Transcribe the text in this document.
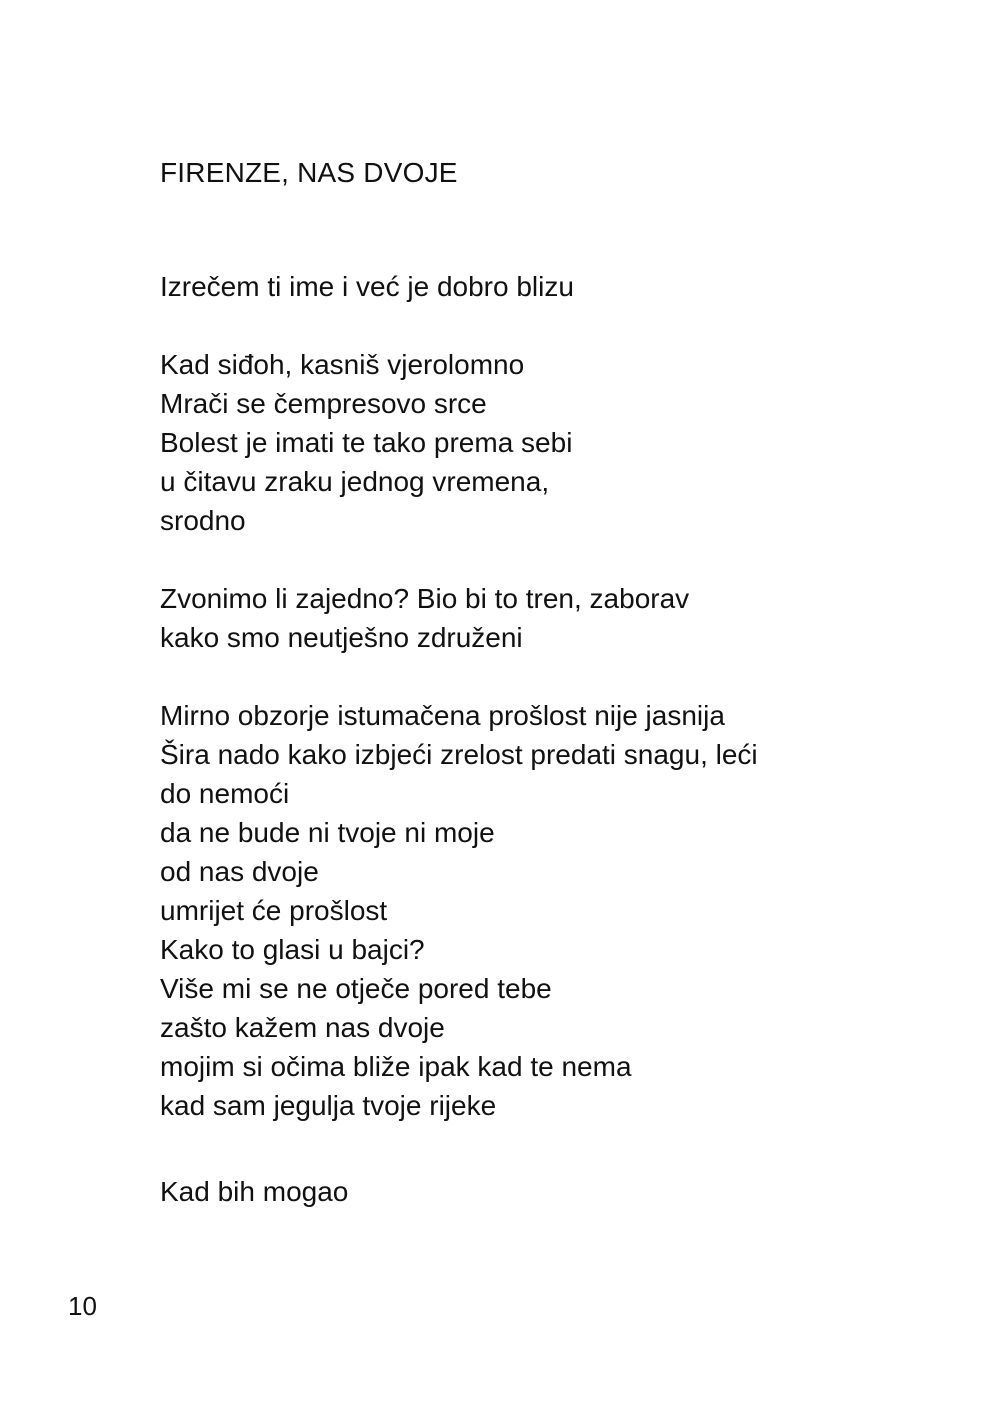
FIRENZE, NAS DVOJE

Izrečem ti ime i već je dobro blizu

Kad siđoh, kasniš vjerolomno
Mrači se čempresovo srce
Bolest je imati te tako prema sebi
u čitavu zraku jednog vremena,
srodno

Zvonimo li zajedno? Bio bi to tren, zaborav
kako smo neutješno združeni

Mirno obzorje istumačena prošlost nije jasnija
Šira nado kako izbjeći zrelost predati snagu, leći
do nemoći
da ne bude ni tvoje ni moje
od nas dvoje
umrijet će prošlost
Kako to glasi u bajci?
Više mi se ne otječe pored tebe
zašto kažem nas dvoje
mojim si očima bliže ipak kad te nema
kad sam jegulja tvoje rijeke

Kad bih mogao

10
